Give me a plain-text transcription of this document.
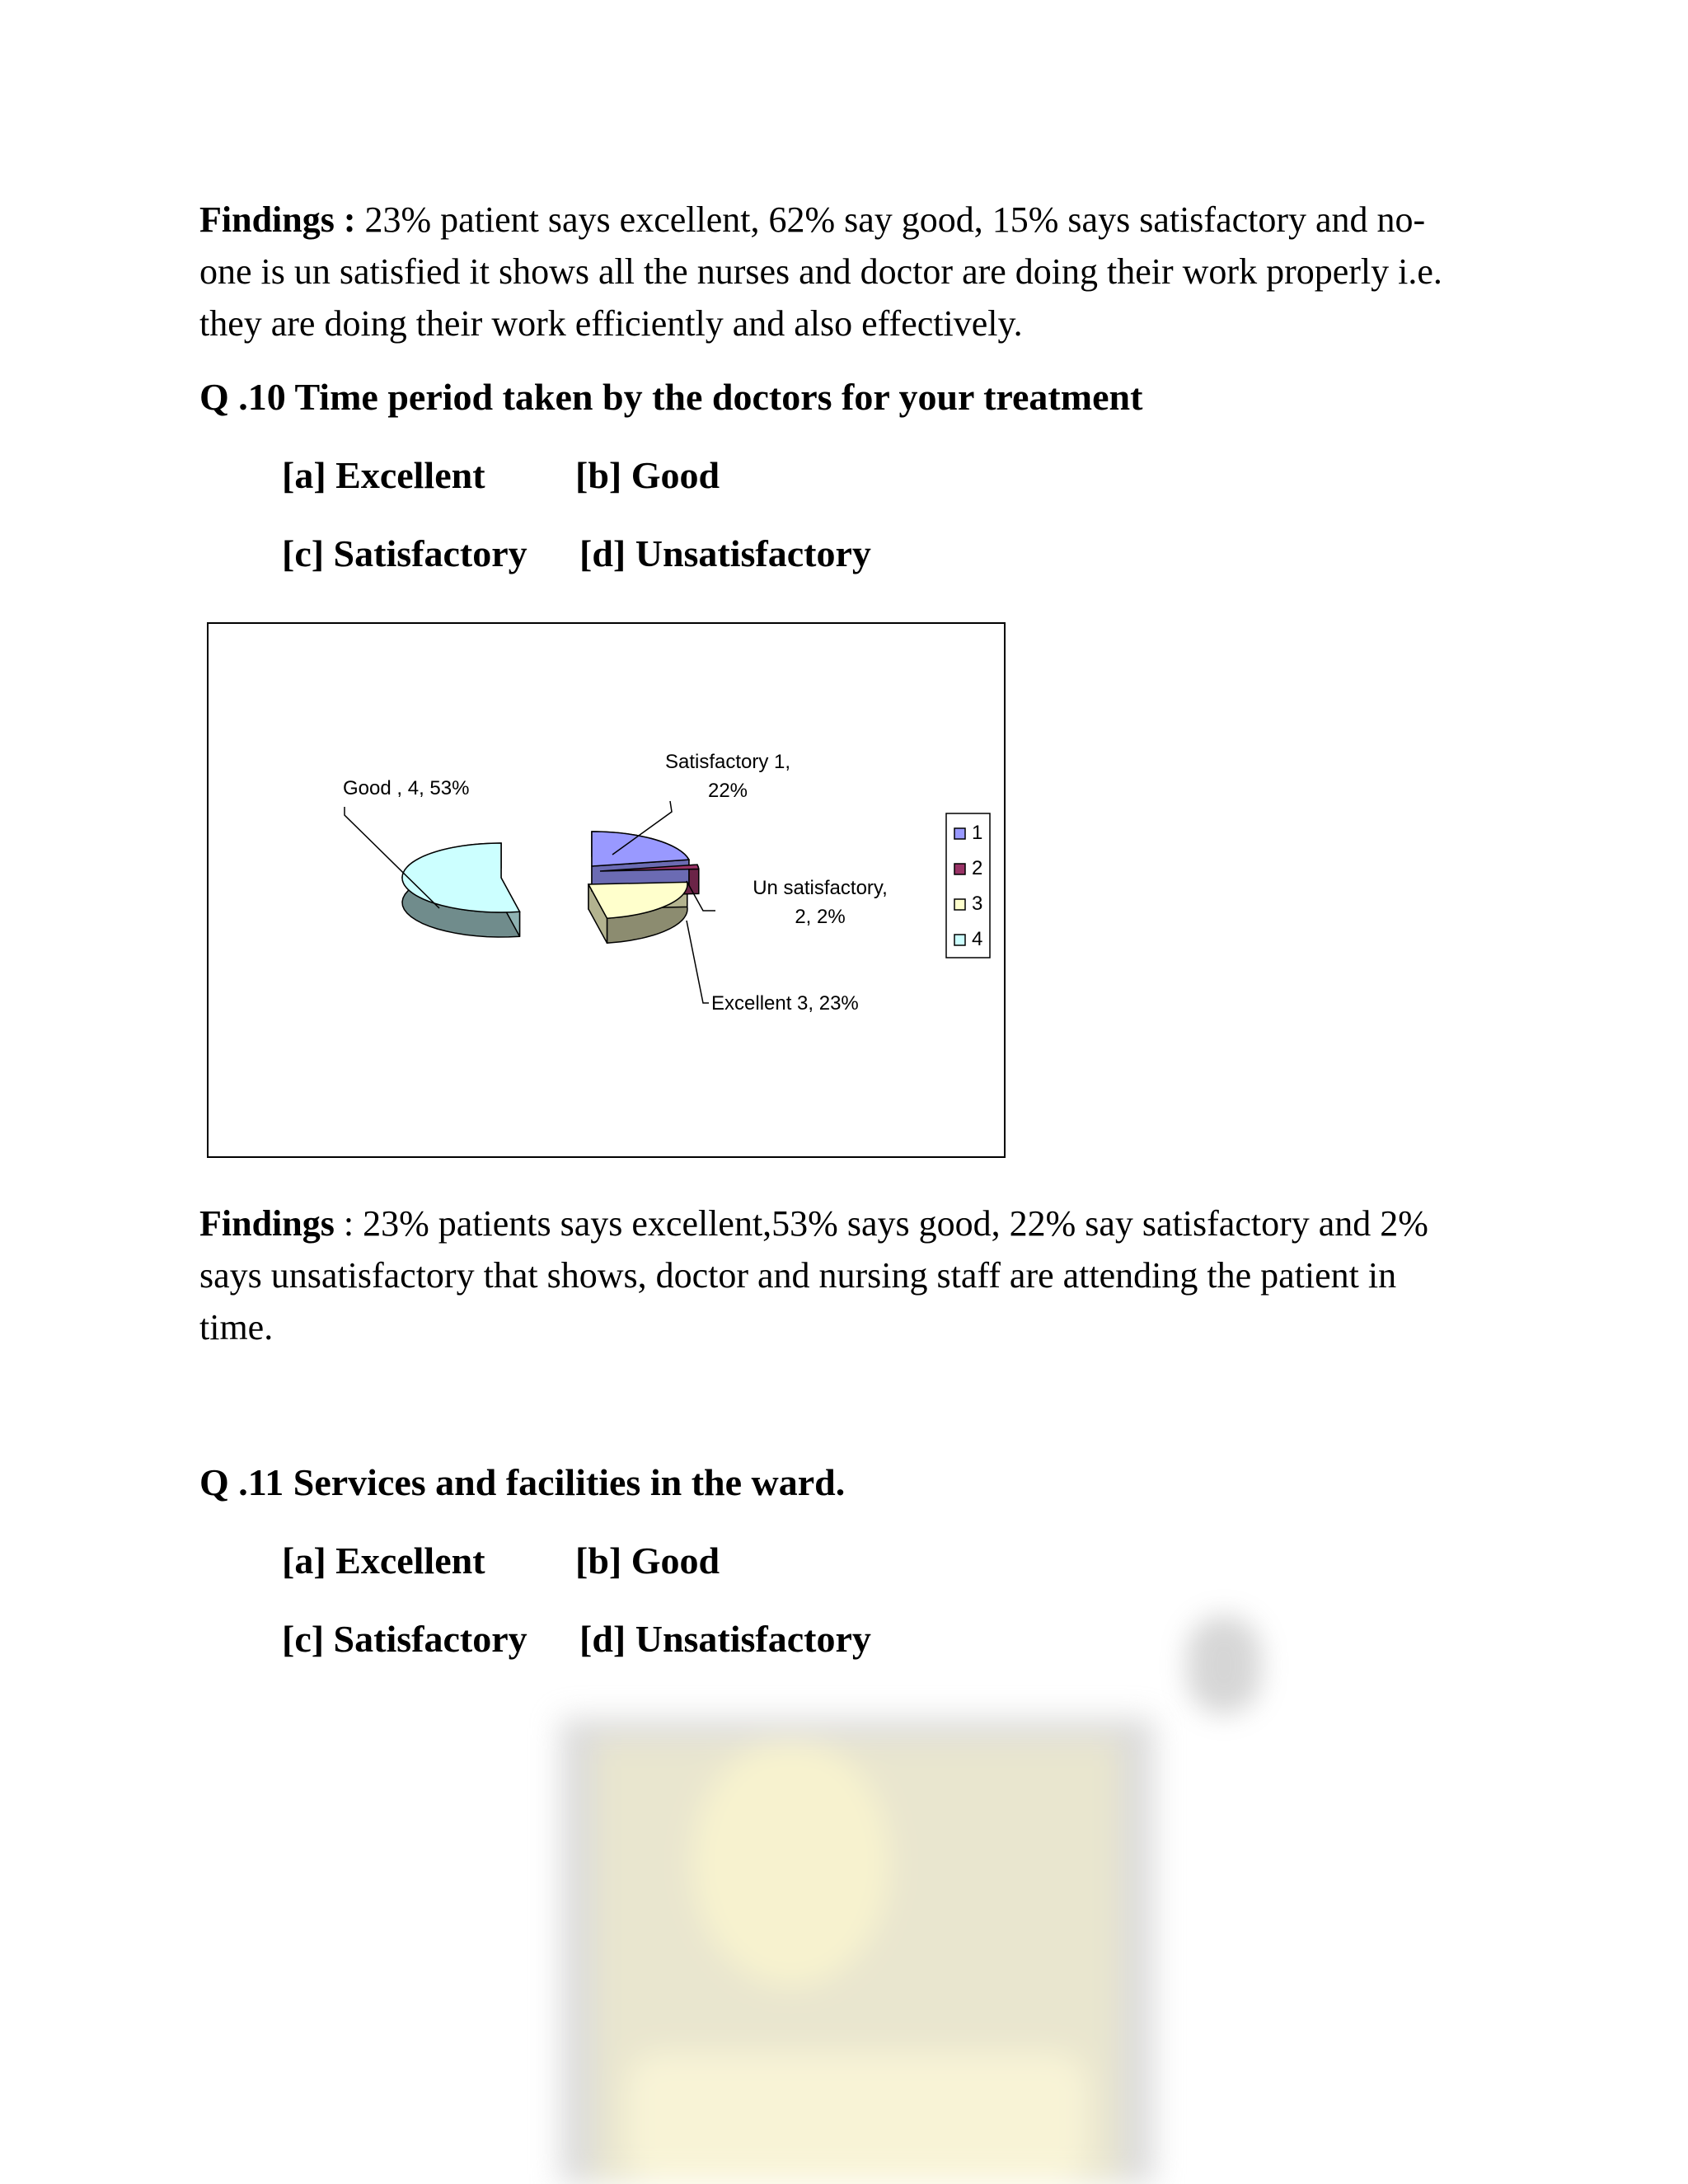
Findings : 23% patient says excellent, 62% say good, 15% says satisfactory and no-one is un satisfied it shows all the nurses and doctor are doing their work properly i.e. they are doing their work efficiently and also effectively.

Q .10 Time period taken by the doctors for your treatment
[a] Excellent [b] Good
[c] Satisfactory [d] Unsatisfactory
Satisfactory 1,
22%
Un satisfactory,
2, 2%
Excellent 3, 23%
Good , 4, 53%
1
2
3
4

Findings : 23% patients says excellent,53% says good, 22% say satisfactory and 2% says unsatisfactory that shows, doctor and nursing staff are attending the patient in time.

Q .11 Services and facilities in the ward.
[a] Excellent [b] Good
[c] Satisfactory [d] Unsatisfactory
